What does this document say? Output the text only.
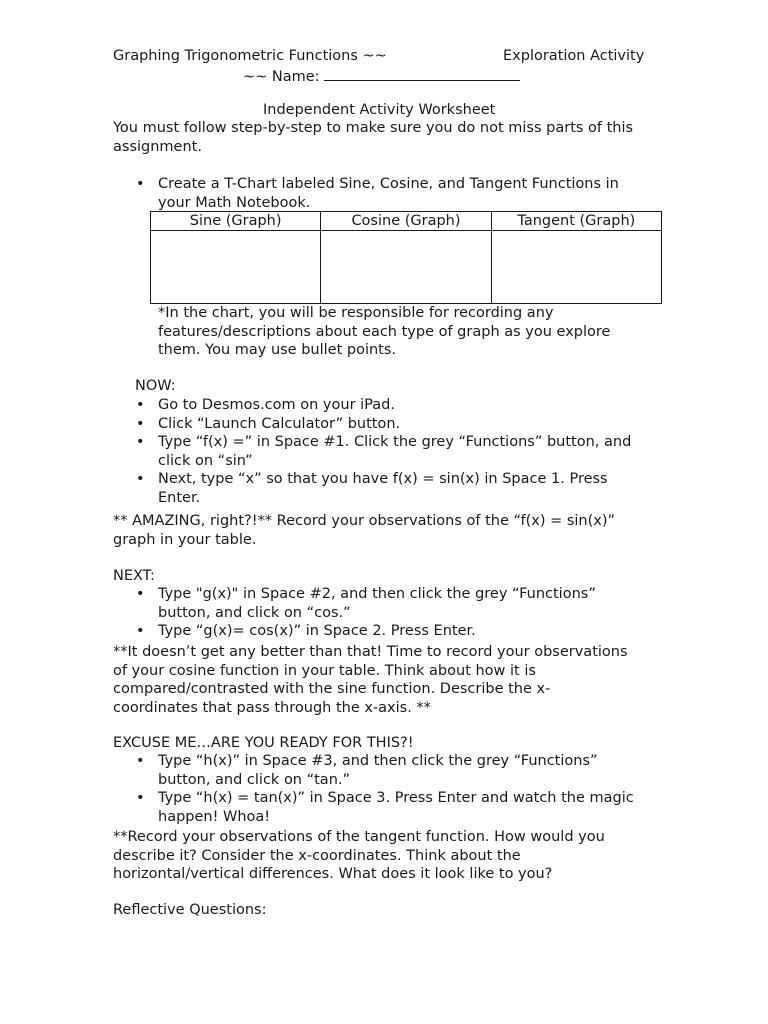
Graphing Trigonometric Functions ~~	Exploration Activity
~~ Name:
Independent Activity Worksheet
You must follow step-by-step to make sure you do not miss parts of this
assignment.
• Create a T-Chart labeled Sine, Cosine, and Tangent Functions in
your Math Notebook.
Sine (Graph)	Cosine (Graph)	Tangent (Graph)

*In the chart, you will be responsible for recording any
features/descriptions about each type of graph as you explore
them. You may use bullet points.
NOW:
• Go to Desmos.com on your iPad.
• Click “Launch Calculator” button.
• Type “f(x) =” in Space #1. Click the grey “Functions” button, and
click on “sin”
• Next, type “x” so that you have f(x) = sin(x) in Space 1. Press
Enter.
** AMAZING, right?!** Record your observations of the “f(x) = sin(x)”
graph in your table.
NEXT:
• Type "g(x)" in Space #2, and then click the grey “Functions”
button, and click on “cos.”
• Type “g(x)= cos(x)” in Space 2. Press Enter.
**It doesn’t get any better than that! Time to record your observations
of your cosine function in your table. Think about how it is
compared/contrasted with the sine function. Describe the x-
coordinates that pass through the x-axis. **
EXCUSE ME…ARE YOU READY FOR THIS?!
• Type “h(x)” in Space #3, and then click the grey “Functions”
button, and click on “tan.”
• Type “h(x) = tan(x)” in Space 3. Press Enter and watch the magic
happen! Whoa!
**Record your observations of the tangent function. How would you
describe it? Consider the x-coordinates. Think about the
horizontal/vertical differences. What does it look like to you?
Reflective Questions:
